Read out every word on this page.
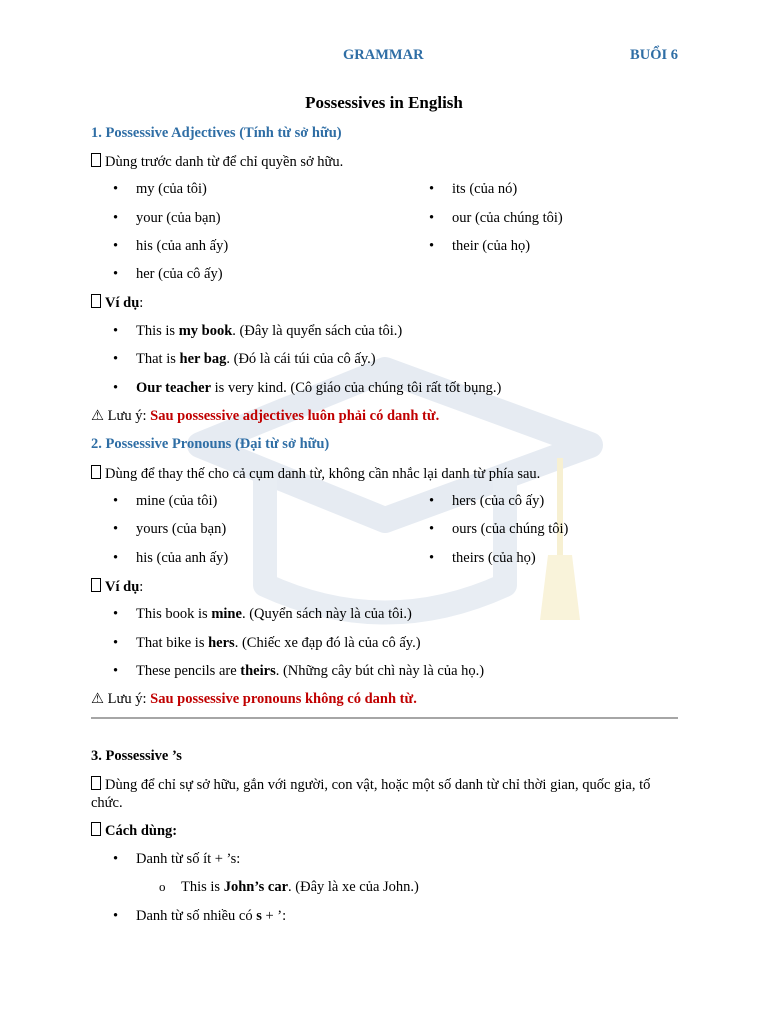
GRAMMAR	BUỔI 6
Possessives in English
1. Possessive Adjectives (Tính từ sở hữu)
Dùng trước danh từ để chỉ quyền sở hữu.
• my (của tôi)
• your (của bạn)
• his (của anh ấy)
• her (của cô ấy)
• its (của nó)
• our (của chúng tôi)
• their (của họ)
Ví dụ:
• This is my book. (Đây là quyển sách của tôi.)
• That is her bag. (Đó là cái túi của cô ấy.)
• Our teacher is very kind. (Cô giáo của chúng tôi rất tốt bụng.)
⚠ Lưu ý: Sau possessive adjectives luôn phải có danh từ.
2. Possessive Pronouns (Đại từ sở hữu)
Dùng để thay thế cho cả cụm danh từ, không cần nhắc lại danh từ phía sau.
• mine (của tôi)
• yours (của bạn)
• his (của anh ấy)
• hers (của cô ấy)
• ours (của chúng tôi)
• theirs (của họ)
Ví dụ:
• This book is mine. (Quyển sách này là của tôi.)
• That bike is hers. (Chiếc xe đạp đó là của cô ấy.)
• These pencils are theirs. (Những cây bút chì này là của họ.)
⚠ Lưu ý: Sau possessive pronouns không có danh từ.
3. Possessive ’s
Dùng để chỉ sự sở hữu, gắn với người, con vật, hoặc một số danh từ chỉ thời gian, quốc gia, tố chức.
Cách dùng:
• Danh từ số ít + ’s:
o This is John’s car. (Đây là xe của John.)
• Danh từ số nhiều có s + ’:
